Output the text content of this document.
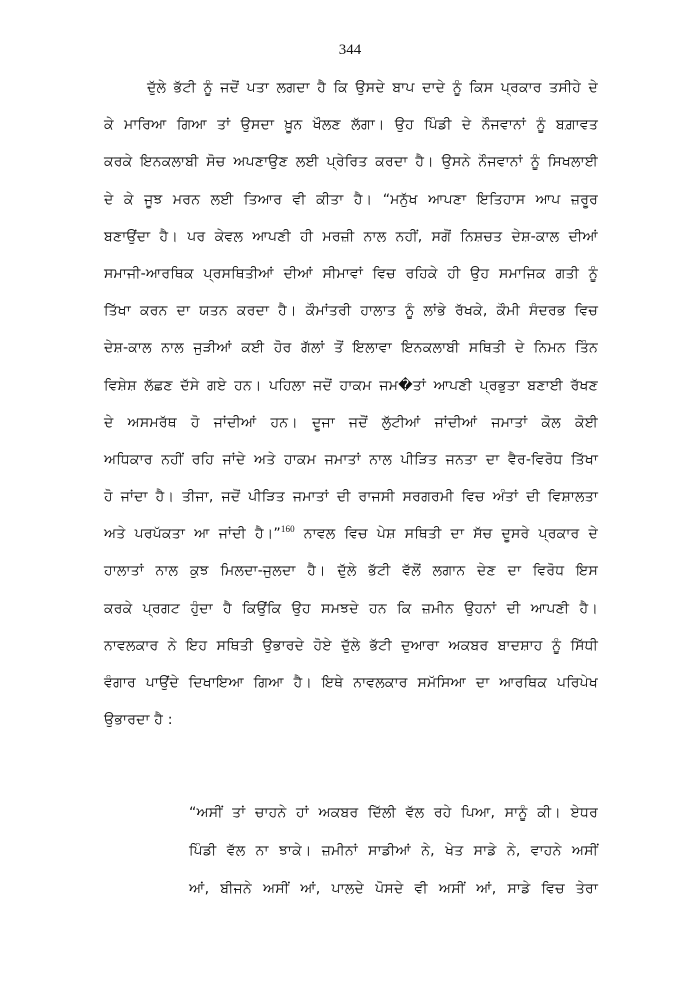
344
ਦੁੱਲੇ ਭੱਟੀ ਨੂੰ ਜਦੋਂ ਪਤਾ ਲਗਦਾ ਹੈ ਕਿ ਉਸਦੇ ਬਾਪ ਦਾਦੇ ਨੂੰ ਕਿਸ ਪ੍ਰਕਾਰ ਤਸੀਹੇ ਦੇ
ਕੇ ਮਾਰਿਆ ਗਿਆ ਤਾਂ ਉਸਦਾ ਖ਼ੂਨ ਖੌਲਣ ਲੱਗਾ। ਉਹ ਪਿੰਡੀ ਦੇ ਨੌਜਵਾਨਾਂ ਨੂੰ ਬਗ਼ਾਵਤ
ਕਰਕੇ ਇਨਕਲਾਬੀ ਸੋਚ ਅਪਣਾਉਣ ਲਈ ਪ੍ਰੇਰਿਤ ਕਰਦਾ ਹੈ। ਉਸਨੇ ਨੌਜਵਾਨਾਂ ਨੂੰ ਸਿਖਲਾਈ
ਦੇ ਕੇ ਜੂਝ ਮਰਨ ਲਈ ਤਿਆਰ ਵੀ ਕੀਤਾ ਹੈ। “ਮਨੁੱਖ ਆਪਣਾ ਇਤਿਹਾਸ ਆਪ ਜ਼ਰੂਰ
ਬਣਾਉਂਦਾ ਹੈ। ਪਰ ਕੇਵਲ ਆਪਣੀ ਹੀ ਮਰਜ਼ੀ ਨਾਲ ਨਹੀਂ, ਸਗੋਂ ਨਿਸ਼ਚਤ ਦੇਸ਼-ਕਾਲ ਦੀਆਂ
ਸਮਾਜੀ-ਆਰਥਿਕ ਪ੍ਰਸਥਿਤੀਆਂ ਦੀਆਂ ਸੀਮਾਵਾਂ ਵਿਚ ਰਹਿਕੇ ਹੀ ਉਹ ਸਮਾਜਿਕ ਗਤੀ ਨੂੰ
ਤਿੱਖਾ ਕਰਨ ਦਾ ਯਤਨ ਕਰਦਾ ਹੈ। ਕੌਮਾਂਤਰੀ ਹਾਲਾਤ ਨੂੰ ਲਾਂਭੇ ਰੱਖਕੇ, ਕੌਮੀ ਸੰਦਰਭ ਵਿਚ
ਦੇਸ਼-ਕਾਲ ਨਾਲ ਜੁੜੀਆਂ ਕਈ ਹੋਰ ਗੱਲਾਂ ਤੋਂ ਇਲਾਵਾ ਇਨਕਲਾਬੀ ਸਥਿਤੀ ਦੇ ਨਿਮਨ ਤਿੰਨ
ਵਿਸ਼ੇਸ਼ ਲੱਛਣ ਦੱਸੇ ਗਏ ਹਨ। ਪਹਿਲਾ ਜਦੋਂ ਹਾਕਮ ਜਮ�ਤਾਂ ਆਪਣੀ ਪ੍ਰਭੁਤਾ ਬਣਾਈ ਰੱਖਣ
ਦੇ ਅਸਮਰੱਥ ਹੋ ਜਾਂਦੀਆਂ ਹਨ। ਦੂਜਾ ਜਦੋਂ ਲੁੱਟੀਆਂ ਜਾਂਦੀਆਂ ਜਮਾਤਾਂ ਕੋਲ ਕੋਈ
ਅਧਿਕਾਰ ਨਹੀਂ ਰਹਿ ਜਾਂਦੇ ਅਤੇ ਹਾਕਮ ਜਮਾਤਾਂ ਨਾਲ ਪੀੜਿਤ ਜਨਤਾ ਦਾ ਵੈਰ-ਵਿਰੋਧ ਤਿੱਖਾ
ਹੋ ਜਾਂਦਾ ਹੈ। ਤੀਜਾ, ਜਦੋਂ ਪੀੜਿਤ ਜਮਾਤਾਂ ਦੀ ਰਾਜਸੀ ਸਰਗਰਮੀ ਵਿਚ ਅੰਤਾਂ ਦੀ ਵਿਸ਼ਾਲਤਾ
ਅਤੇ ਪਰਪੱਕਤਾ ਆ ਜਾਂਦੀ ਹੈ।”$^{160}$ ਨਾਵਲ ਵਿਚ ਪੇਸ਼ ਸਥਿਤੀ ਦਾ ਸੱਚ ਦੂਸਰੇ ਪ੍ਰਕਾਰ ਦੇ
ਹਾਲਾਤਾਂ ਨਾਲ ਕੁਝ ਮਿਲਦਾ-ਜੁਲਦਾ ਹੈ। ਦੁੱਲੇ ਭੱਟੀ ਵੱਲੋਂ ਲਗਾਨ ਦੇਣ ਦਾ ਵਿਰੋਧ ਇਸ
ਕਰਕੇ ਪ੍ਰਗਟ ਹੁੰਦਾ ਹੈ ਕਿਉਂਕਿ ਉਹ ਸਮਝਦੇ ਹਨ ਕਿ ਜ਼ਮੀਨ ਉਹਨਾਂ ਦੀ ਆਪਣੀ ਹੈ।
ਨਾਵਲਕਾਰ ਨੇ ਇਹ ਸਥਿਤੀ ਉਭਾਰਦੇ ਹੋਏ ਦੁੱਲੇ ਭੱਟੀ ਦੁਆਰਾ ਅਕਬਰ ਬਾਦਸ਼ਾਹ ਨੂੰ ਸਿੱਧੀ
ਵੰਗਾਰ ਪਾਉਂਦੇ ਦਿਖਾਇਆ ਗਿਆ ਹੈ। ਇਥੇ ਨਾਵਲਕਾਰ ਸਮੱਸਿਆ ਦਾ ਆਰਥਿਕ ਪਰਿਪੇਖ
ਉਭਾਰਦਾ ਹੈ :
“ਅਸੀਂ ਤਾਂ ਚਾਹਨੇ ਹਾਂ ਅਕਬਰ ਦਿੱਲੀ ਵੱਲ ਰਹੇ ਪਿਆ, ਸਾਨੂੰ ਕੀ। ਏਧਰ
ਪਿੰਡੀ ਵੱਲ ਨਾ ਝਾਕੇ। ਜ਼ਮੀਨਾਂ ਸਾਡੀਆਂ ਨੇ, ਖੇਤ ਸਾਡੇ ਨੇ, ਵਾਹਨੇ ਅਸੀਂ
ਆਂ, ਬੀਜਨੇ ਅਸੀਂ ਆਂ, ਪਾਲਦੇ ਪੋਸਦੇ ਵੀ ਅਸੀਂ ਆਂ, ਸਾਡੇ ਵਿਚ ਤੇਰਾ
